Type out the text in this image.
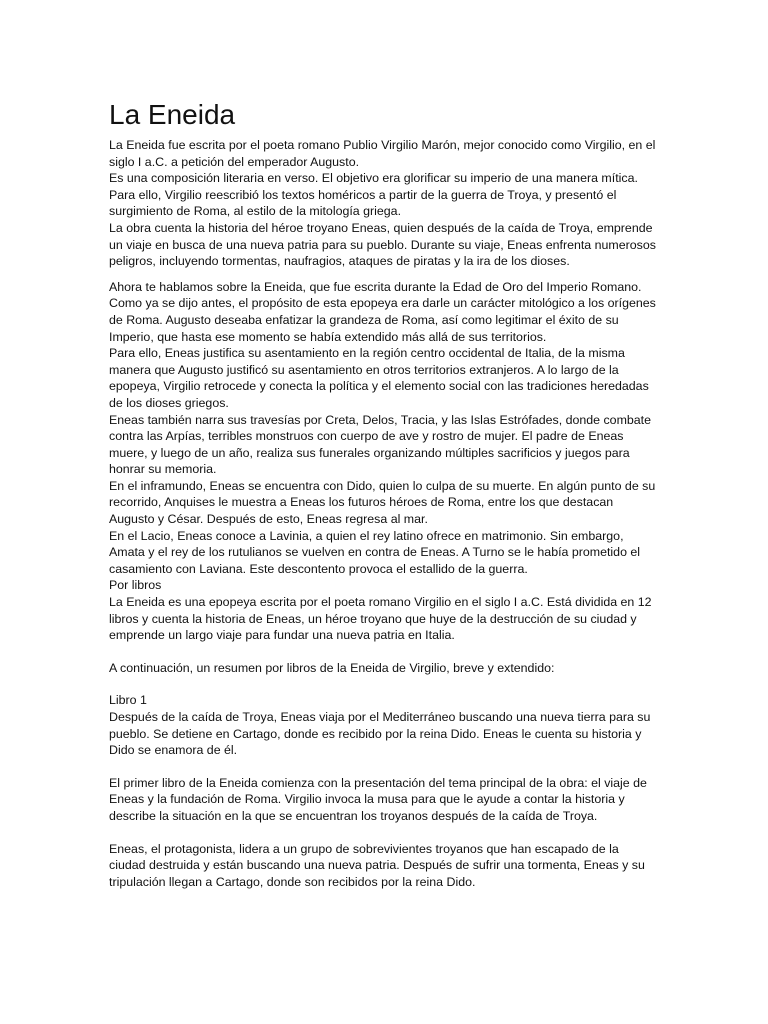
La Eneida

La Eneida fue escrita por el poeta romano Publio Virgilio Marón, mejor conocido como Virgilio, en el siglo I a.C. a petición del emperador Augusto.

Es una composición literaria en verso. El objetivo era glorificar su imperio de una manera mítica. Para ello, Virgilio reescribió los textos homéricos a partir de la guerra de Troya, y presentó el surgimiento de Roma, al estilo de la mitología griega.

La obra cuenta la historia del héroe troyano Eneas, quien después de la caída de Troya, emprende un viaje en busca de una nueva patria para su pueblo. Durante su viaje, Eneas enfrenta numerosos peligros, incluyendo tormentas, naufragios, ataques de piratas y la ira de los dioses.

Ahora te hablamos sobre la Eneida, que fue escrita durante la Edad de Oro del Imperio Romano. Como ya se dijo antes, el propósito de esta epopeya era darle un carácter mitológico a los orígenes de Roma. Augusto deseaba enfatizar la grandeza de Roma, así como legitimar el éxito de su Imperio, que hasta ese momento se había extendido más allá de sus territorios.

Para ello, Eneas justifica su asentamiento en la región centro occidental de Italia, de la misma manera que Augusto justificó su asentamiento en otros territorios extranjeros. A lo largo de la epopeya, Virgilio retrocede y conecta la política y el elemento social con las tradiciones heredadas de los dioses griegos.

Eneas también narra sus travesías por Creta, Delos, Tracia, y las Islas Estrófades, donde combate contra las Arpías, terribles monstruos con cuerpo de ave y rostro de mujer. El padre de Eneas muere, y luego de un año, realiza sus funerales organizando múltiples sacrificios y juegos para honrar su memoria.

En el inframundo, Eneas se encuentra con Dido, quien lo culpa de su muerte. En algún punto de su recorrido, Anquises le muestra a Eneas los futuros héroes de Roma, entre los que destacan Augusto y César. Después de esto, Eneas regresa al mar.

En el Lacio, Eneas conoce a Lavinia, a quien el rey latino ofrece en matrimonio. Sin embargo, Amata y el rey de los rutulianos se vuelven en contra de Eneas. A Turno se le había prometido el casamiento con Laviana. Este descontento provoca el estallido de la guerra.

Por libros

La Eneida es una epopeya escrita por el poeta romano Virgilio en el siglo I a.C. Está dividida en 12 libros y cuenta la historia de Eneas, un héroe troyano que huye de la destrucción de su ciudad y emprende un largo viaje para fundar una nueva patria en Italia.

A continuación, un resumen por libros de la Eneida de Virgilio, breve y extendido:

Libro 1

Después de la caída de Troya, Eneas viaja por el Mediterráneo buscando una nueva tierra para su pueblo. Se detiene en Cartago, donde es recibido por la reina Dido. Eneas le cuenta su historia y Dido se enamora de él.

El primer libro de la Eneida comienza con la presentación del tema principal de la obra: el viaje de Eneas y la fundación de Roma. Virgilio invoca la musa para que le ayude a contar la historia y describe la situación en la que se encuentran los troyanos después de la caída de Troya.

Eneas, el protagonista, lidera a un grupo de sobrevivientes troyanos que han escapado de la ciudad destruida y están buscando una nueva patria. Después de sufrir una tormenta, Eneas y su tripulación llegan a Cartago, donde son recibidos por la reina Dido.
